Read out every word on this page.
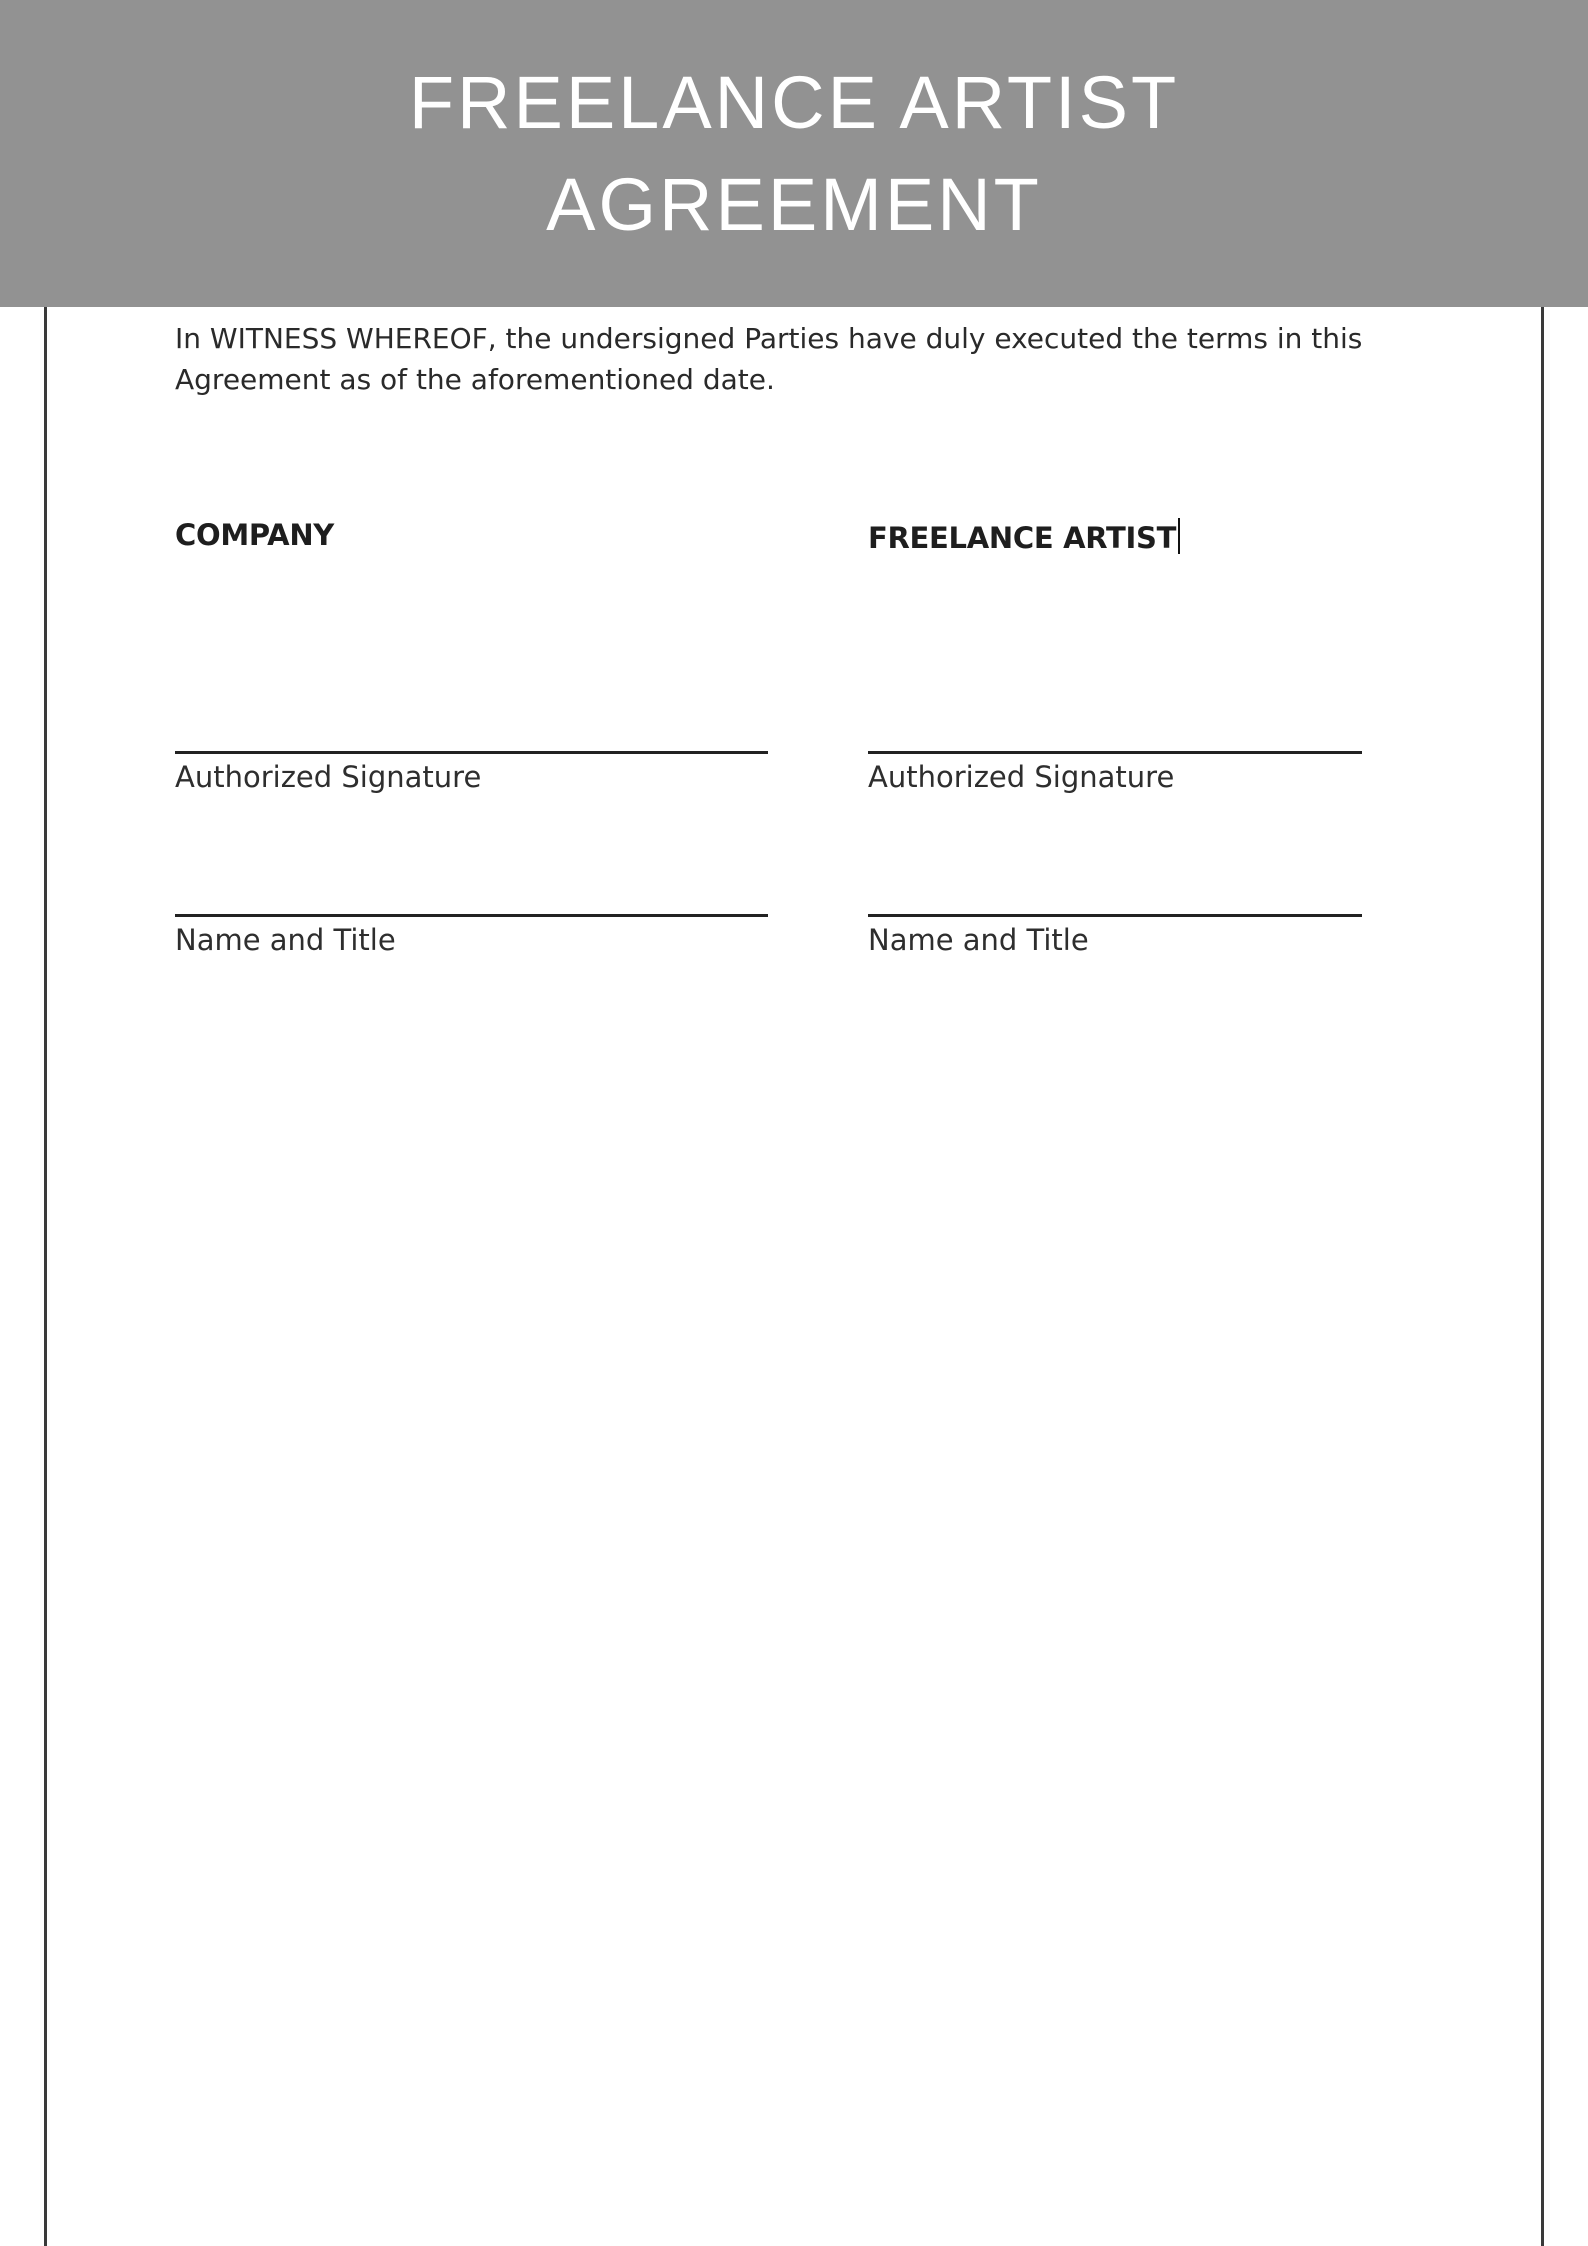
FREELANCE ARTIST
AGREEMENT
In WITNESS WHEREOF, the undersigned Parties have duly executed the terms in this
Agreement as of the aforementioned date.
COMPANY
Authorized Signature
Name and Title
FREELANCE ARTIST
Authorized Signature
Name and Title
